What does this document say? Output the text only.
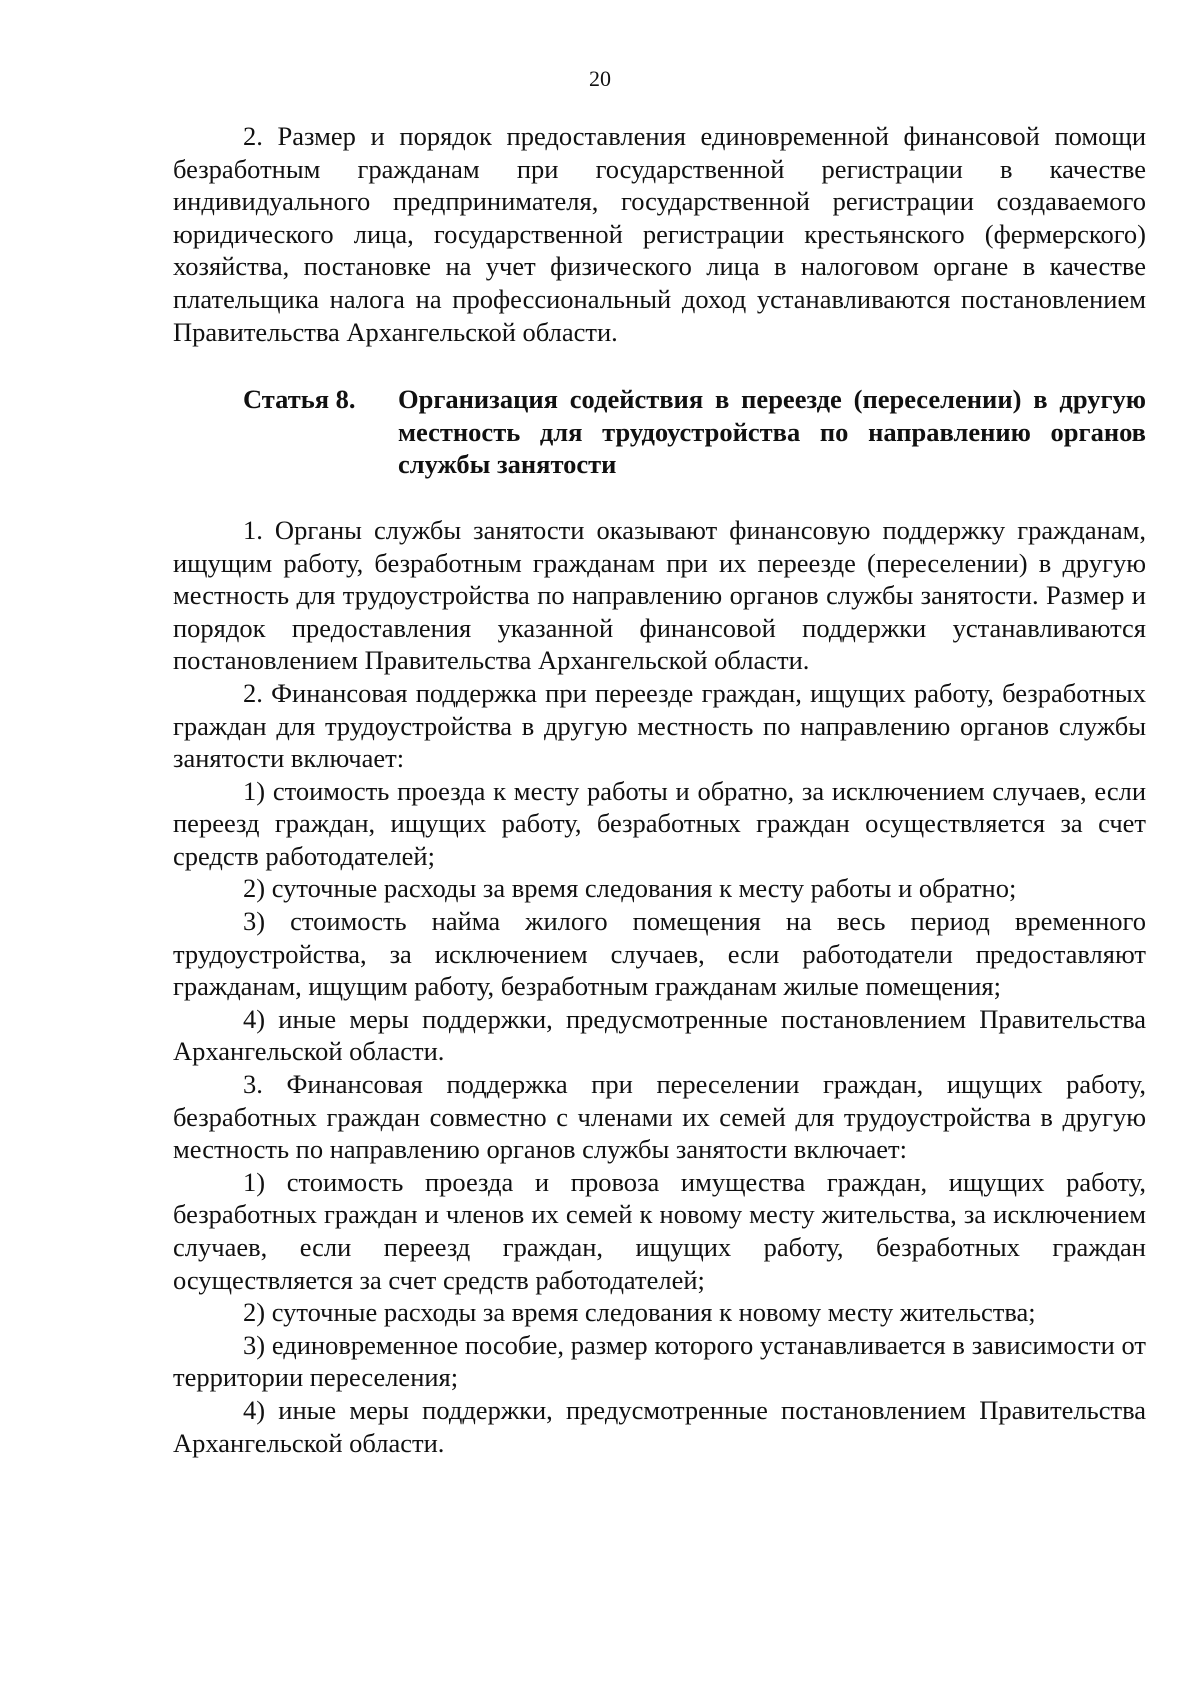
20

2. Размер и порядок предоставления единовременной финансовой помощи безработным гражданам при государственной регистрации в качестве индивидуального предпринимателя, государственной регистрации создаваемого юридического лица, государственной регистрации крестьянского (фермерского) хозяйства, постановке на учет физического лица в налоговом органе в качестве плательщика налога на профессиональный доход устанавливаются постановлением Правительства Архангельской области.

Статья 8.	Организация содействия в переезде (переселении) в другую местность для трудоустройства по направлению органов службы занятости

1. Органы службы занятости оказывают финансовую поддержку гражданам, ищущим работу, безработным гражданам при их переезде (переселении) в другую местность для трудоустройства по направлению органов службы занятости. Размер и порядок предоставления указанной финансовой поддержки устанавливаются постановлением Правительства Архангельской области.

2. Финансовая поддержка при переезде граждан, ищущих работу, безработных граждан для трудоустройства в другую местность по направлению органов службы занятости включает:

1) стоимость проезда к месту работы и обратно, за исключением случаев, если переезд граждан, ищущих работу, безработных граждан осуществляется за счет средств работодателей;

2) суточные расходы за время следования к месту работы и обратно;

3) стоимость найма жилого помещения на весь период временного трудоустройства, за исключением случаев, если работодатели предоставляют гражданам, ищущим работу, безработным гражданам жилые помещения;

4) иные меры поддержки, предусмотренные постановлением Правительства Архангельской области.

3. Финансовая поддержка при переселении граждан, ищущих работу, безработных граждан совместно с членами их семей для трудоустройства в другую местность по направлению органов службы занятости включает:

1) стоимость проезда и провоза имущества граждан, ищущих работу, безработных граждан и членов их семей к новому месту жительства, за исключением случаев, если переезд граждан, ищущих работу, безработных граждан осуществляется за счет средств работодателей;

2) суточные расходы за время следования к новому месту жительства;

3) единовременное пособие, размер которого устанавливается в зависимости от территории переселения;

4) иные меры поддержки, предусмотренные постановлением Правительства Архангельской области.
